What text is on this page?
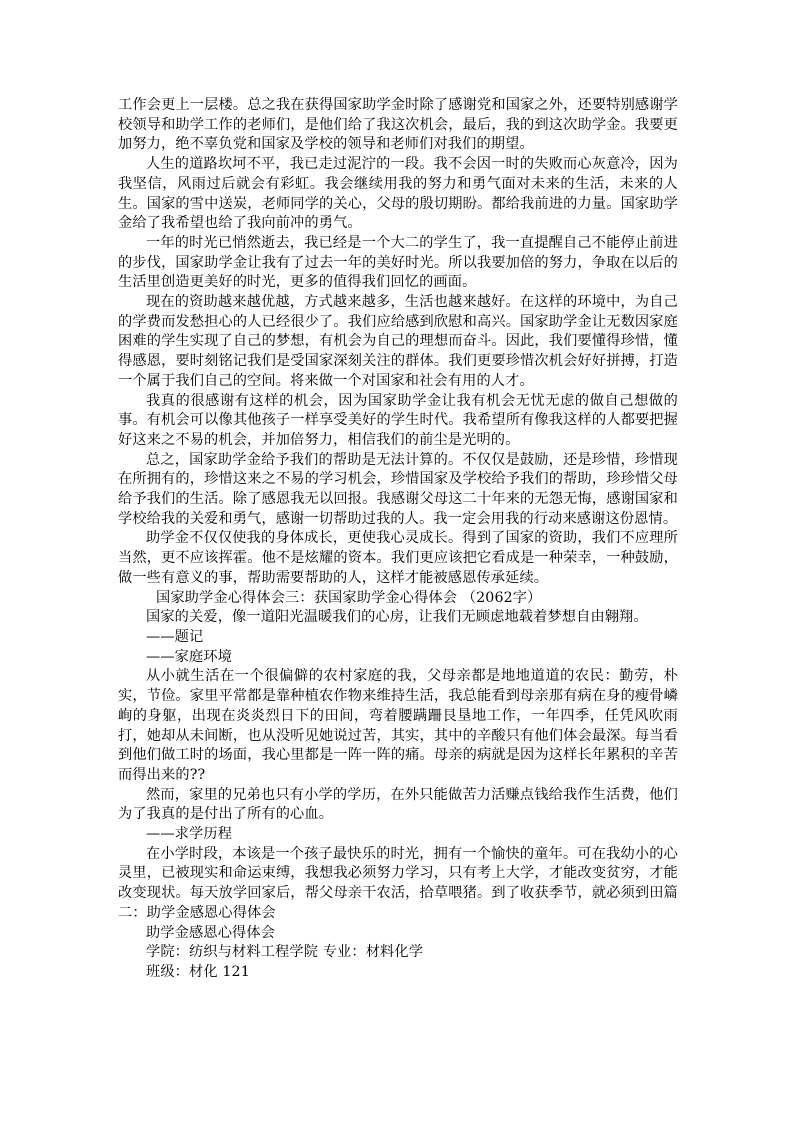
工作会更上一层楼。总之我在获得国家助学金时除了感谢党和国家之外，还要特别感谢学校领导和助学工作的老师们，是他们给了我这次机会，最后，我的到这次助学金。我要更加努力，绝不辜负党和国家及学校的领导和老师们对我们的期望。

人生的道路坎坷不平，我已走过泥泞的一段。我不会因一时的失败而心灰意冷，因为我坚信，风雨过后就会有彩虹。我会继续用我的努力和勇气面对未来的生活，未来的人生。国家的雪中送炭，老师同学的关心，父母的殷切期盼。都给我前进的力量。国家助学金给了我希望也给了我向前冲的勇气。

一年的时光已悄然逝去，我已经是一个大二的学生了，我一直提醒自己不能停止前进的步伐，国家助学金让我有了过去一年的美好时光。所以我要加倍的努力，争取在以后的生活里创造更美好的时光，更多的值得我们回忆的画面。

现在的资助越来越优越，方式越来越多，生活也越来越好。在这样的环境中，为自己的学费而发愁担心的人已经很少了。我们应给感到欣慰和高兴。国家助学金让无数因家庭困难的学生实现了自己的梦想，有机会为自己的理想而奋斗。因此，我们要懂得珍惜，懂得感恩，要时刻铭记我们是受国家深刻关注的群体。我们更要珍惜次机会好好拼搏，打造一个属于我们自己的空间。将来做一个对国家和社会有用的人才。

我真的很感谢有这样的机会，因为国家助学金让我有机会无忧无虑的做自己想做的事。有机会可以像其他孩子一样享受美好的学生时代。我希望所有像我这样的人都要把握好这来之不易的机会，并加倍努力，相信我们的前尘是光明的。

总之，国家助学金给予我们的帮助是无法计算的。不仅仅是鼓励，还是珍惜，珍惜现在所拥有的，珍惜这来之不易的学习机会，珍惜国家及学校给予我们的帮助，珍珍惜父母给予我们的生活。除了感恩我无以回报。我感谢父母这二十年来的无怨无悔，感谢国家和学校给我的关爱和勇气，感谢一切帮助过我的人。我一定会用我的行动来感谢这份恩情。

助学金不仅仅使我的身体成长，更使我心灵成长。得到了国家的资助，我们不应理所当然，更不应该挥霍。他不是炫耀的资本。我们更应该把它看成是一种荣幸，一种鼓励，做一些有意义的事，帮助需要帮助的人，这样才能被感恩传承延续。

国家助学金心得体会三：获国家助学金心得体会 （2062字）

国家的关爱，像一道阳光温暖我们的心房，让我们无顾虑地载着梦想自由翱翔。

——题记

——家庭环境

从小就生活在一个很偏僻的农村家庭的我，父母亲都是地地道道的农民：勤劳，朴实，节俭。家里平常都是靠种植农作物来维持生活，我总能看到母亲那有病在身的瘦骨嶙峋的身躯，出现在炎炎烈日下的田间，弯着腰蹒跚艮垦地工作，一年四季，任凭风吹雨打，她却从未间断，也从没听见她说过苦，其实，其中的辛酸只有他们体会最深。每当看到他们做工时的场面，我心里都是一阵一阵的痛。母亲的病就是因为这样长年累积的辛苦而得出来的??

然而，家里的兄弟也只有小学的学历，在外只能做苦力活赚点钱给我作生活费，他们为了我真的是付出了所有的心血。

——求学历程

在小学时段，本该是一个孩子最快乐的时光，拥有一个愉快的童年。可在我幼小的心灵里，已被现实和命运束缚，我想我必须努力学习，只有考上大学，才能改变贫穷，才能改变现状。每天放学回家后，帮父母亲干农活，拾草喂猪。到了收获季节，就必须到田篇二：助学金感恩心得体会

助学金感恩心得体会

学院：纺织与材料工程学院 专业：材料化学

班级：材化 121
